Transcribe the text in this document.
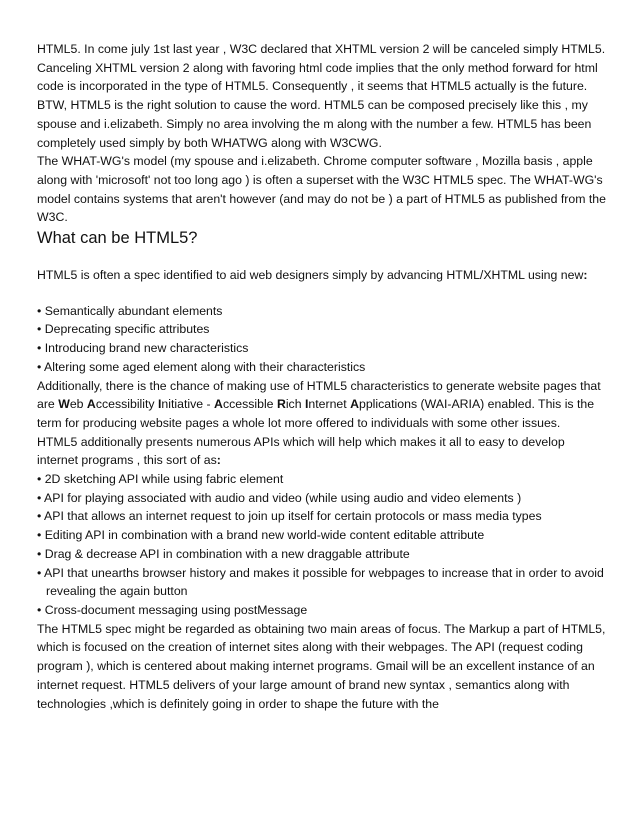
HTML5. In come july 1st last year , W3C declared that XHTML version 2 will be canceled simply HTML5.

Canceling XHTML version 2 along with favoring html code implies that the only method forward for html code is incorporated in the type of HTML5. Consequently , it seems that HTML5 actually is the future.

BTW, HTML5 is the right solution to cause the word. HTML5 can be composed precisely like this , my spouse and i.elizabeth. Simply no area involving the m along with the number a few. HTML5 has been completely used simply by both WHATWG along with W3CWG.

The WHAT-WG's model (my spouse and i.elizabeth. Chrome computer software , Mozilla basis , apple along with 'microsoft' not too long ago ) is often a superset with the W3C HTML5 spec. The WHAT-WG's model contains systems that aren't however (and may do not be ) a part of HTML5 as published from the W3C.

What can be HTML5?

HTML5 is often a spec identified to aid web designers simply by advancing HTML/XHTML using new:

• Semantically abundant elements
• Deprecating specific attributes
• Introducing brand new characteristics
• Altering some aged element along with their characteristics

Additionally, there is the chance of making use of HTML5 characteristics to generate website pages that are Web Accessibility Initiative - Accessible Rich Internet Applications (WAI-ARIA) enabled. This is the term for producing website pages a whole lot more offered to individuals with some other issues.

HTML5 additionally presents numerous APIs which will help which makes it all to easy to develop internet programs , this sort of as:

• 2D sketching API while using fabric element
• API for playing associated with audio and video (while using audio and video elements )
• API that allows an internet request to join up itself for certain protocols or mass media types
• Editing API in combination with a brand new world-wide content editable attribute
• Drag & decrease API in combination with a new draggable attribute
• API that unearths browser history and makes it possible for webpages to increase that in order to avoid revealing the again button
• Cross-document messaging using postMessage

The HTML5 spec might be regarded as obtaining two main areas of focus. The Markup a part of HTML5, which is focused on the creation of internet sites along with their webpages. The API (request coding program ), which is centered about making internet programs. Gmail will be an excellent instance of an internet request. HTML5 delivers of your large amount of brand new syntax , semantics along with technologies ,which is definitely going in order to shape the future with the
